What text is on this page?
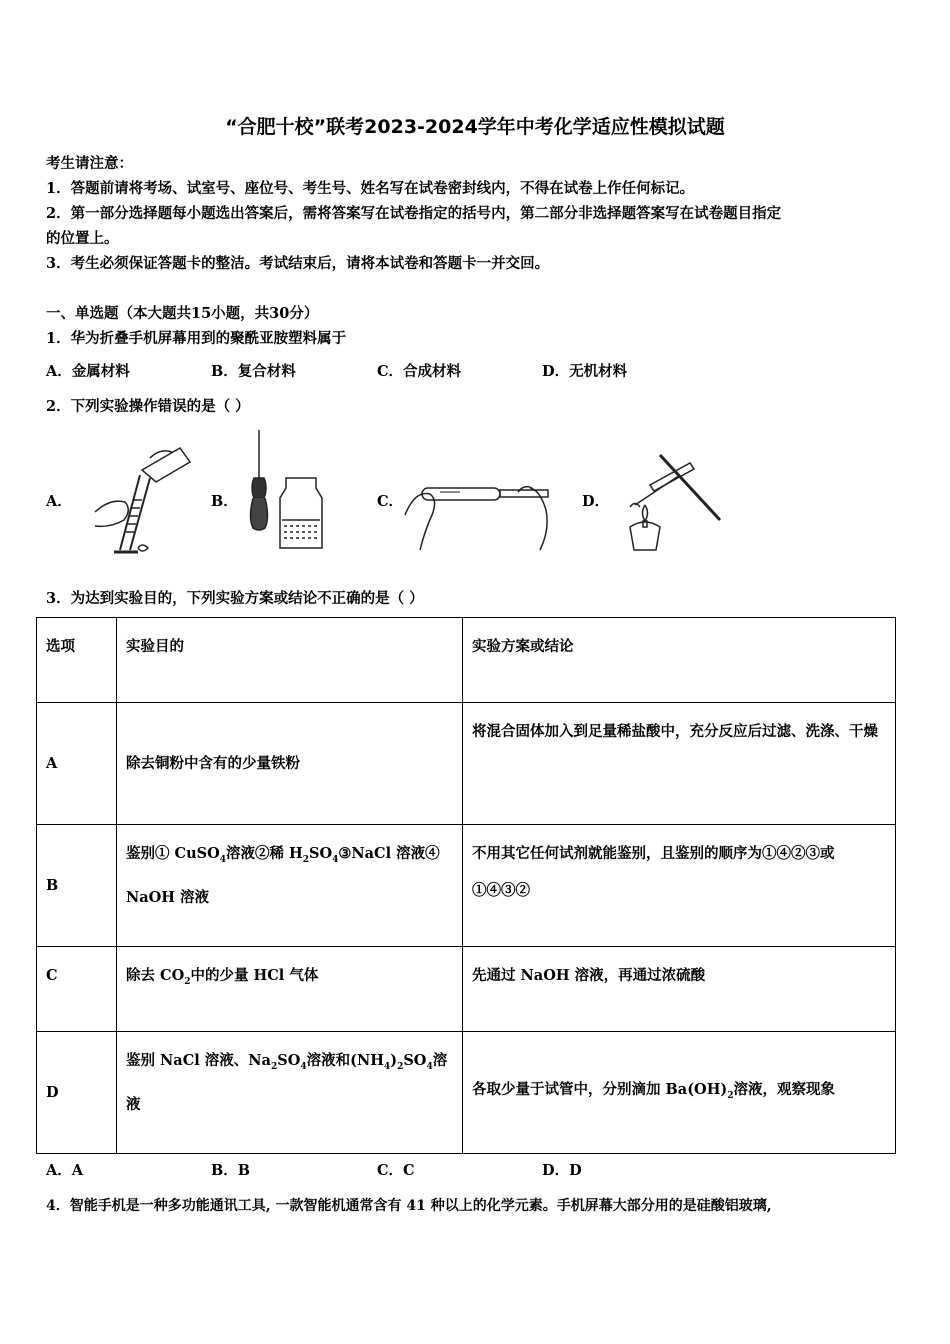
“合肥十校”联考2023-2024学年中考化学适应性模拟试题
考生请注意：
1．答题前请将考场、试室号、座位号、考生号、姓名写在试卷密封线内，不得在试卷上作任何标记。
2．第一部分选择题每小题选出答案后，需将答案写在试卷指定的括号内，第二部分非选择题答案写在试卷题目指定
的位置上。
3．考生必须保证答题卡的整洁。考试结束后，请将本试卷和答题卡一并交回。
一、单选题（本大题共15小题，共30分）
1．华为折叠手机屏幕用到的聚酰亚胺塑料属于
A．金属材料	B．复合材料	C．合成材料	D．无机材料
2．下列实验操作错误的是（ ）
A．	B．	C．	D．
3．为达到实验目的，下列实验方案或结论不正确的是（ ）
选项	实验目的	实验方案或结论
A	除去铜粉中含有的少量铁粉	将混合固体加入到足量稀盐酸中，充分反应后过滤、洗涤、干燥
B	鉴别① CuSO$_4$溶液②稀 $H_2SO_4③NaCl$ 溶液④ NaOH 溶液	不用其它任何试剂就能鉴别，且鉴别的顺序为①④②③或①④③②
C	除去 $CO_2$中的少量 HCl 气体	先通过 NaOH 溶液，再通过浓硫酸
D	鉴别 NaCl 溶液、$Na_2SO_4$溶液和$(NH_4)_2SO_4$溶液	各取少量于试管中，分别滴加 $Ba(OH)_2$溶液，观察现象
A．A	B．B	C．C	D．D
4．智能手机是一种多功能通讯工具, 一款智能机通常含有 41 种以上的化学元素。手机屏幕大部分用的是硅酸铝玻璃,
